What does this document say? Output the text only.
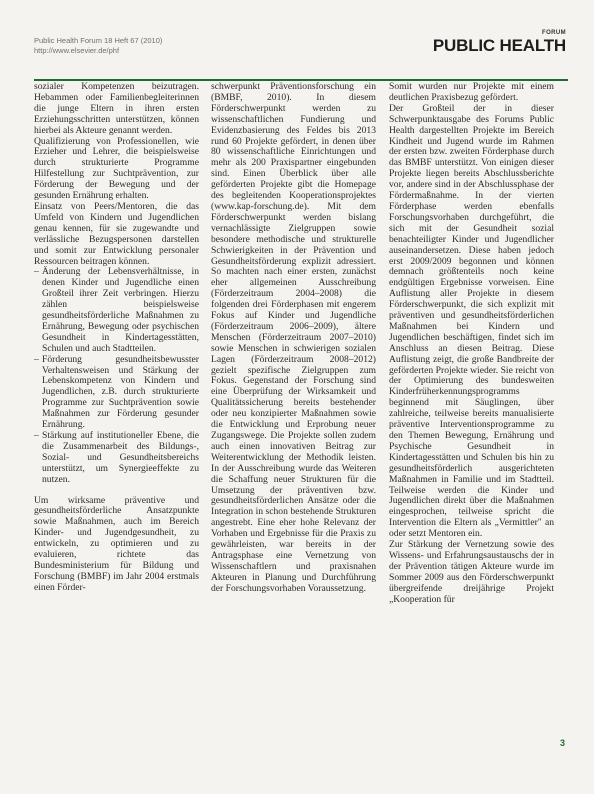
Public Health Forum 18 Heft 67 (2010)
http://www.elsevier.de/phf
FORUM
PUBLIC HEALTH

sozialer Kompetenzen beizutragen. Hebammen oder Familienbegleiterinnen die junge Eltern in ihren ersten Erziehungsschritten unterstützen, können hierbei als Akteure genannt werden.

Qualifizierung von Professionellen, wie Erzieher und Lehrer, die beispielsweise durch strukturierte Programme Hilfestellung zur Suchtprävention, zur Förderung der Bewegung und der gesunden Ernährung erhalten.

Einsatz von Peers/Mentoren, die das Umfeld von Kindern und Jugendlichen genau kennen, für sie zugewandte und verlässliche Bezugspersonen darstellen und somit zur Entwicklung personaler Ressourcen beitragen können.

– Änderung der Lebensverhältnisse, in denen Kinder und Jugendliche einen Großteil ihrer Zeit verbringen. Hierzu zählen beispielsweise gesundheitsförderliche Maßnahmen zu Ernährung, Bewegung oder psychischen Gesundheit in Kindertagesstätten, Schulen und auch Stadtteilen.
– Förderung gesundheitsbewusster Verhaltensweisen und Stärkung der Lebenskompetenz von Kindern und Jugendlichen, z.B. durch strukturierte Programme zur Suchtprävention sowie Maßnahmen zur Förderung gesunder Ernährung.
– Stärkung auf institutioneller Ebene, die die Zusammenarbeit des Bildungs-, Sozial- und Gesundheitsbereichs unterstützt, um Synergieeffekte zu nutzen.

Um wirksame präventive und gesundheitsförderliche Ansatzpunkte sowie Maßnahmen, auch im Bereich Kinder- und Jugendgesundheit, zu entwickeln, zu optimieren und zu evaluieren, richtete das Bundesministerium für Bildung und Forschung (BMBF) im Jahr 2004 erstmals einen Förder-

schwerpunkt Präventionsforschung ein (BMBF, 2010). In diesem Förderschwerpunkt werden zu wissenschaftlichen Fundierung und Evidenzbasierung des Feldes bis 2013 rund 60 Projekte gefördert, in denen über 80 wissenschaftliche Einrichtungen und mehr als 200 Praxispartner eingebunden sind. Einen Überblick über alle geförderten Projekte gibt die Homepage des begleitenden Kooperationsprojektes (www.kap-forschung.de). Mit dem Förderschwerpunkt werden bislang vernachlässigte Zielgruppen sowie besondere methodische und strukturelle Schwierigkeiten in der Prävention und Gesundheitsförderung explizit adressiert. So machten nach einer ersten, zunächst eher allgemeinen Ausschreibung (Förderzeitraum 2004–2008) die folgenden drei Förderphasen mit engerem Fokus auf Kinder und Jugendliche (Förderzeitraum 2006–2009), ältere Menschen (Förderzeitraum 2007–2010) sowie Menschen in schwierigen sozialen Lagen (Förderzeitraum 2008–2012) gezielt spezifische Zielgruppen zum Fokus. Gegenstand der Forschung sind eine Überprüfung der Wirksamkeit und Qualitätssicherung bereits bestehender oder neu konzipierter Maßnahmen sowie die Entwicklung und Erprobung neuer Zugangswege. Die Projekte sollen zudem auch einen innovativen Beitrag zur Weiterentwicklung der Methodik leisten. In der Ausschreibung wurde das Weiteren die Schaffung neuer Strukturen für die Umsetzung der präventiven bzw. gesundheitsförderlichen Ansätze oder die Integration in schon bestehende Strukturen angestrebt. Eine eher hohe Relevanz der Vorhaben und Ergebnisse für die Praxis zu gewährleisten, war bereits in der Antragsphase eine Vernetzung von Wissenschaftlern und praxisnahen Akteuren in Planung und Durchführung der Forschungsvorhaben Voraussetzung.

Somit wurden nur Projekte mit einem deutlichen Praxisbezug gefördert.

Der Großteil der in dieser Schwerpunktausgabe des Forums Public Health dargestellten Projekte im Bereich Kindheit und Jugend wurde im Rahmen der ersten bzw. zweiten Förderphase durch das BMBF unterstützt. Von einigen dieser Projekte liegen bereits Abschlussberichte vor, andere sind in der Abschlussphase der Fördermaßnahme. In der vierten Förderphase werden ebenfalls Forschungsvorhaben durchgeführt, die sich mit der Gesundheit sozial benachteiligter Kinder und Jugendlicher auseinandersetzen. Diese haben jedoch erst 2009/2009 begonnen und können demnach größtenteils noch keine endgültigen Ergebnisse vorweisen. Eine Auflistung aller Projekte in diesem Förderschwerpunkt, die sich explizit mit präventiven und gesundheitsförderlichen Maßnahmen bei Kindern und Jugendlichen beschäftigen, findet sich im Anschluss an diesen Beitrag. Diese Auflistung zeigt, die große Bandbreite der geförderten Projekte wieder. Sie reicht von der Optimierung des bundesweiten Kinderfrüherkennungsprogramms beginnend mit Säuglingen, über zahlreiche, teilweise bereits manualisierte präventive Interventionsprogramme zu den Themen Bewegung, Ernährung und Psychische Gesundheit in Kindertagesstätten und Schulen bis hin zu gesundheitsförderlich ausgerichteten Maßnahmen in Familie und im Stadtteil. Teilweise werden die Kinder und Jugendlichen direkt über die Maßnahmen eingesprochen, teilweise spricht die Intervention die Eltern als „Vermittler" an oder setzt Mentoren ein.

Zur Stärkung der Vernetzung sowie des Wissens- und Erfahrungsaustauschs der in der Prävention tätigen Akteure wurde im Sommer 2009 aus den Förderschwerpunkt übergreifende dreijährige Projekt „Kooperation für

3
